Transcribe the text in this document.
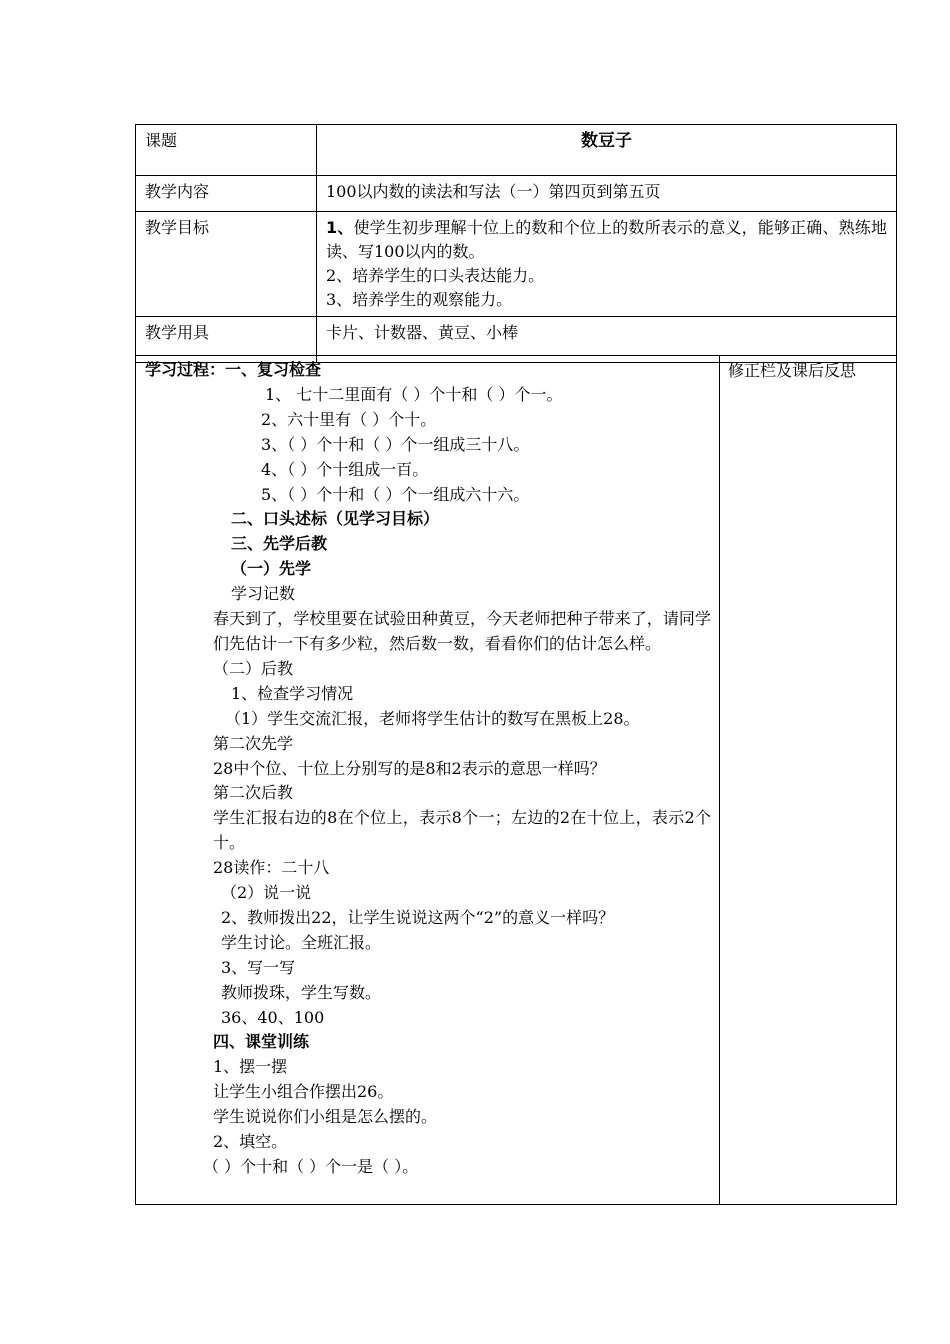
课题	数豆子
教学内容	100以内数的读法和写法（一）第四页到第五页
教学目标	1、使学生初步理解十位上的数和个位上的数所表示的意义，能够正确、熟练地读、写100以内的数。
2、培养学生的口头表达能力。
3、培养学生的观察能力。

教学用具	卡片、计数器、黄豆、小棒
学习过程：一、复习检查
1、 七十二里面有（ ）个十和（ ）个一。
2、六十里有（ ）个十。
3、（ ）个十和（ ）个一组成三十八。
4、（ ）个十组成一百。
5、（ ）个十和（ ）个一组成六十六。
二、口头述标（见学习目标）
三、先学后教
（一）先学
学习记数
春天到了，学校里要在试验田种黄豆，今天老师把种子带来了，请同学们先估计一下有多少粒，然后数一数，看看你们的估计怎么样。
（二）后教
1、检查学习情况
（1）学生交流汇报，老师将学生估计的数写在黑板上28。
第二次先学
28中个位、十位上分别写的是8和2表示的意思一样吗？
第二次后教
学生汇报右边的8在个位上，表示8个一；左边的2在十位上，表示2个十。
28读作：二十八
（2）说一说
2、教师拨出22，让学生说说这两个“2”的意义一样吗？
学生讨论。全班汇报。
3、写一写
教师拨珠，学生写数。
36、40、100
四、课堂训练
1、摆一摆
让学生小组合作摆出26。
学生说说你们小组是怎么摆的。
2、填空。
（ ）个十和（ ）个一是（ ）。
	修正栏及课后反思
